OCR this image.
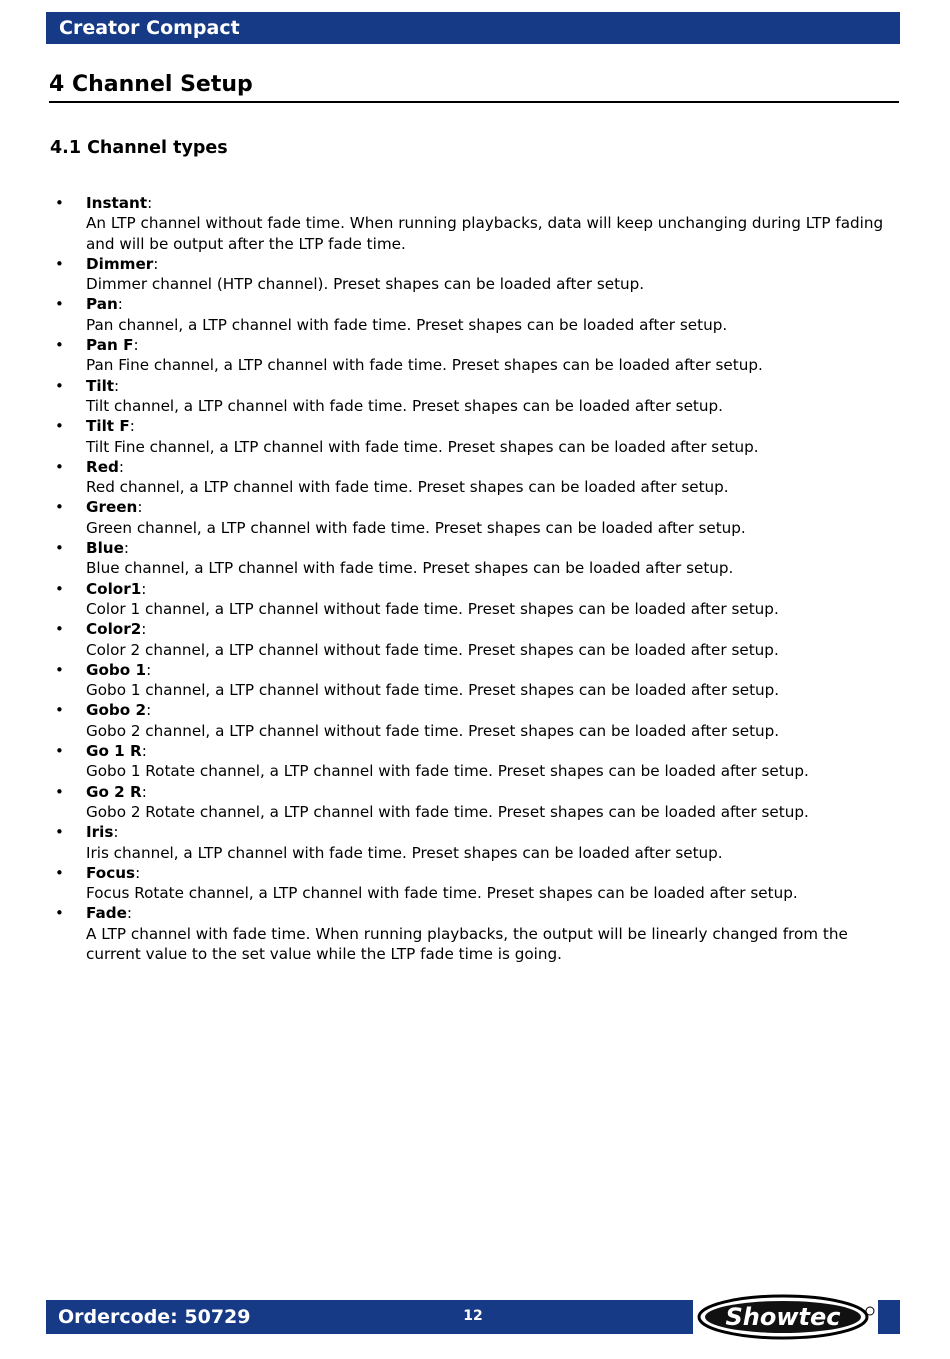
Creator Compact
4 Channel Setup
4.1 Channel types
• Instant:
An LTP channel without fade time. When running playbacks, data will keep unchanging during LTP fading and will be output after the LTP fade time.
• Dimmer:
Dimmer channel (HTP channel). Preset shapes can be loaded after setup.
• Pan:
Pan channel, a LTP channel with fade time. Preset shapes can be loaded after setup.
• Pan F:
Pan Fine channel, a LTP channel with fade time. Preset shapes can be loaded after setup.
• Tilt:
Tilt channel, a LTP channel with fade time. Preset shapes can be loaded after setup.
• Tilt F:
Tilt Fine channel, a LTP channel with fade time. Preset shapes can be loaded after setup.
• Red:
Red channel, a LTP channel with fade time. Preset shapes can be loaded after setup.
• Green:
Green channel, a LTP channel with fade time. Preset shapes can be loaded after setup.
• Blue:
Blue channel, a LTP channel with fade time. Preset shapes can be loaded after setup.
• Color1:
Color 1 channel, a LTP channel without fade time. Preset shapes can be loaded after setup.
• Color2:
Color 2 channel, a LTP channel without fade time. Preset shapes can be loaded after setup.
• Gobo 1:
Gobo 1 channel, a LTP channel without fade time. Preset shapes can be loaded after setup.
• Gobo 2:
Gobo 2 channel, a LTP channel without fade time. Preset shapes can be loaded after setup.
• Go 1 R:
Gobo 1 Rotate channel, a LTP channel with fade time. Preset shapes can be loaded after setup.
• Go 2 R:
Gobo 2 Rotate channel, a LTP channel with fade time. Preset shapes can be loaded after setup.
• Iris:
Iris channel, a LTP channel with fade time. Preset shapes can be loaded after setup.
• Focus:
Focus Rotate channel, a LTP channel with fade time. Preset shapes can be loaded after setup.
• Fade:
A LTP channel with fade time. When running playbacks, the output will be linearly changed from the current value to the set value while the LTP fade time is going.
Ordercode: 50729	12	Showtec
